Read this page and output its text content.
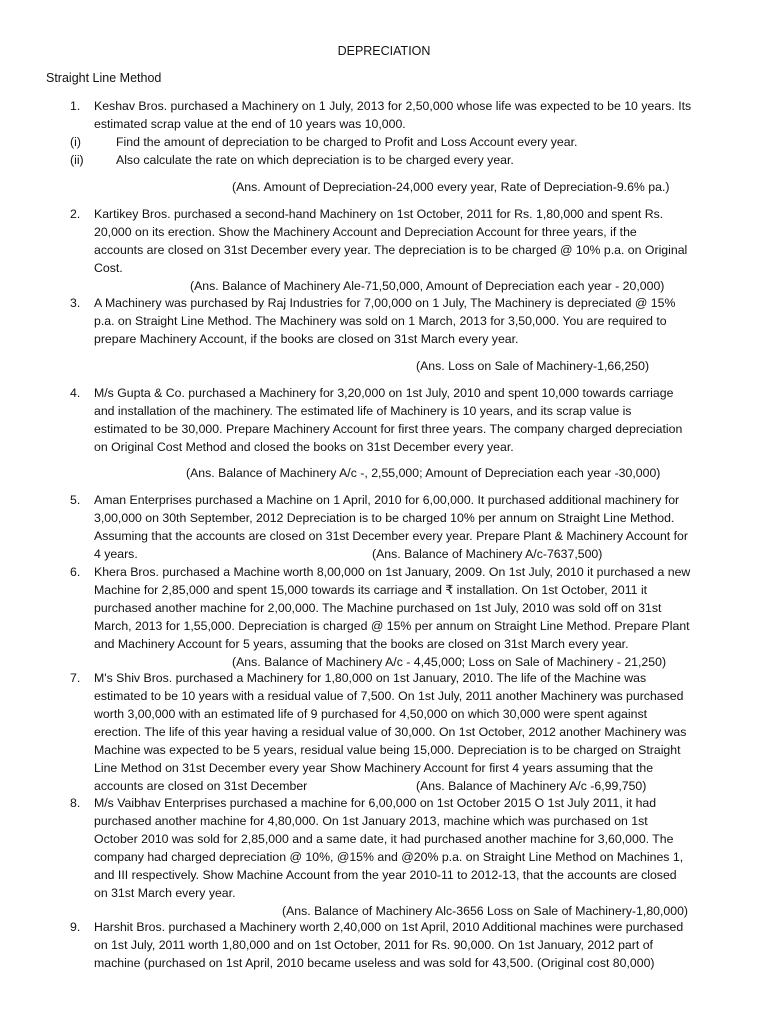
DEPRECIATION
Straight Line Method
1. Keshav Bros. purchased a Machinery on 1 July, 2013 for 2,50,000 whose life was expected to be 10 years. Its
estimated scrap value at the end of 10 years was 10,000.
(i)	Find the amount of depreciation to be charged to Profit and Loss Account every year.
(ii)	Also calculate the rate on which depreciation is to be charged every year.
(Ans. Amount of Depreciation-24,000 every year, Rate of Depreciation-9.6% pa.)
2. Kartikey Bros. purchased a second-hand Machinery on 1st October, 2011 for Rs. 1,80,000 and spent Rs.
20,000 on its erection. Show the Machinery Account and Depreciation Account for three years, if the
accounts are closed on 31st December every year. The depreciation is to be charged @ 10% p.a. on Original
Cost.
(Ans. Balance of Machinery Ale-71,50,000, Amount of Depreciation each year - 20,000)
3. A Machinery was purchased by Raj Industries for 7,00,000 on 1 July, The Machinery is depreciated @ 15%
p.a. on Straight Line Method. The Machinery was sold on 1 March, 2013 for 3,50,000. You are required to
prepare Machinery Account, if the books are closed on 31st March every year.
(Ans. Loss on Sale of Machinery-1,66,250)
4. M/s Gupta & Co. purchased a Machinery for 3,20,000 on 1st July, 2010 and spent 10,000 towards carriage
and installation of the machinery. The estimated life of Machinery is 10 years, and its scrap value is
estimated to be 30,000. Prepare Machinery Account for first three years. The company charged depreciation
on Original Cost Method and closed the books on 31st December every year.
(Ans. Balance of Machinery A/c -, 2,55,000; Amount of Depreciation each year -30,000)
5. Aman Enterprises purchased a Machine on 1 April, 2010 for 6,00,000. It purchased additional machinery for
3,00,000 on 30th September, 2012 Depreciation is to be charged 10% per annum on Straight Line Method.
Assuming that the accounts are closed on 31st December every year. Prepare Plant & Machinery Account for
4 years.	(Ans. Balance of Machinery A/c-7637,500)
6. Khera Bros. purchased a Machine worth 8,00,000 on 1st January, 2009. On 1st July, 2010 it purchased a new
Machine for 2,85,000 and spent 15,000 towards its carriage and ₹ installation. On 1st October, 2011 it
purchased another machine for 2,00,000. The Machine purchased on 1st July, 2010 was sold off on 31st
March, 2013 for 1,55,000. Depreciation is charged @ 15% per annum on Straight Line Method. Prepare Plant
and Machinery Account for 5 years, assuming that the books are closed on 31st March every year.
(Ans. Balance of Machinery A/c - 4,45,000; Loss on Sale of Machinery - 21,250)
7. M's Shiv Bros. purchased a Machinery for 1,80,000 on 1st January, 2010. The life of the Machine was
estimated to be 10 years with a residual value of 7,500. On 1st July, 2011 another Machinery was purchased
worth 3,00,000 with an estimated life of 9 purchased for 4,50,000 on which 30,000 were spent against
erection. The life of this year having a residual value of 30,000. On 1st October, 2012 another Machinery was
Machine was expected to be 5 years, residual value being 15,000. Depreciation is to be charged on Straight
Line Method on 31st December every year Show Machinery Account for first 4 years assuming that the
accounts are closed on 31st December	(Ans. Balance of Machinery A/c -6,99,750)
8. M/s Vaibhav Enterprises purchased a machine for 6,00,000 on 1st October 2015 O 1st July 2011, it had
purchased another machine for 4,80,000. On 1st January 2013, machine which was purchased on 1st
October 2010 was sold for 2,85,000 and a same date, it had purchased another machine for 3,60,000. The
company had charged depreciation @ 10%, @15% and @20% p.a. on Straight Line Method on Machines 1,
and III respectively. Show Machine Account from the year 2010-11 to 2012-13, that the accounts are closed
on 31st March every year.
(Ans. Balance of Machinery Alc-3656 Loss on Sale of Machinery-1,80,000)
9. Harshit Bros. purchased a Machinery worth 2,40,000 on 1st April, 2010 Additional machines were purchased
on 1st July, 2011 worth 1,80,000 and on 1st October, 2011 for Rs. 90,000. On 1st January, 2012 part of
machine (purchased on 1st April, 2010 became useless and was sold for 43,500. (Original cost 80,000)
